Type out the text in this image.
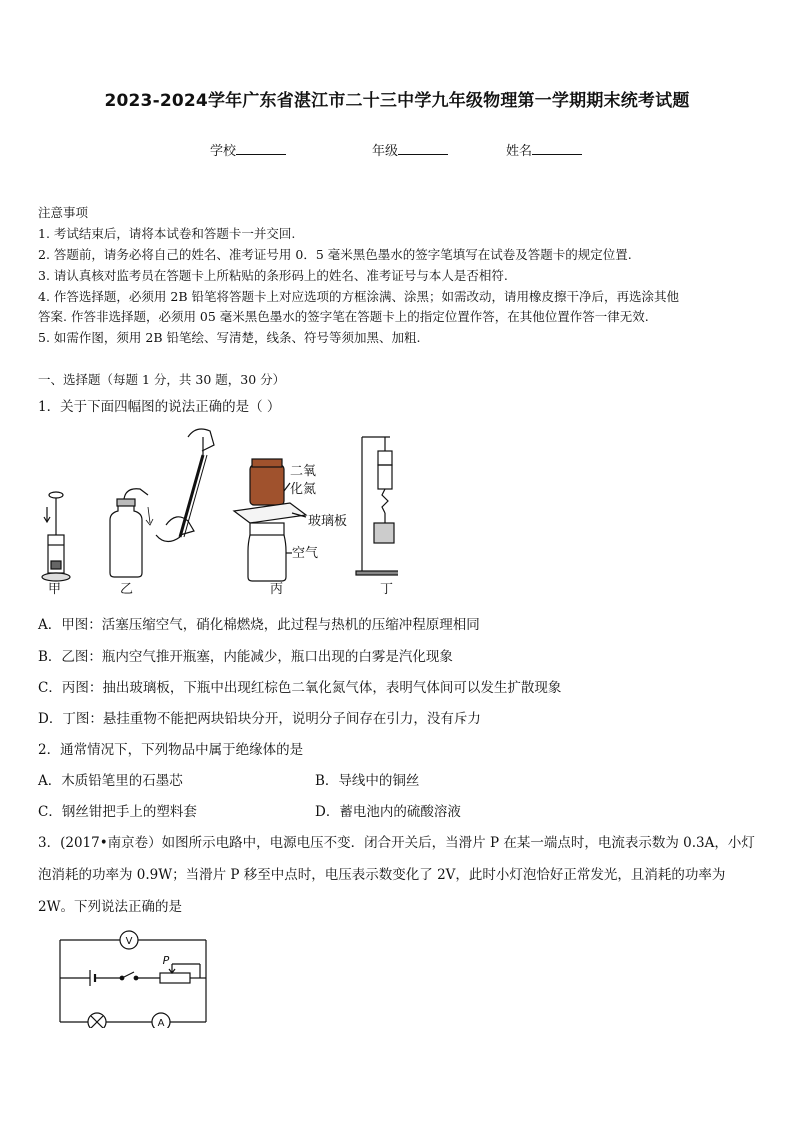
2023-2024学年广东省湛江市二十三中学九年级物理第一学期期末统考试题
学校	年级	姓名
注意事项
1. 考试结束后，请将本试卷和答题卡一并交回.
2. 答题前，请务必将自己的姓名、准考证号用 0．5 毫米黑色墨水的签字笔填写在试卷及答题卡的规定位置.
3. 请认真核对监考员在答题卡上所粘贴的条形码上的姓名、准考证号与本人是否相符.
4. 作答选择题，必须用 2B 铅笔将答题卡上对应选项的方框涂满、涂黑；如需改动，请用橡皮擦干净后，再选涂其他
答案. 作答非选择题，必须用 05 毫米黑色墨水的签字笔在答题卡上的指定位置作答，在其他位置作答一律无效.
5. 如需作图，须用 2B 铅笔绘、写清楚，线条、符号等须加黑、加粗.
一、选择题（每题 1 分，共 30 题，30 分）
1．关于下面四幅图的说法正确的是（ ）
甲	乙	丙	丁
二氧
化氮
玻璃板
空气
A．甲图：活塞压缩空气，硝化棉燃烧，此过程与热机的压缩冲程原理相同
B．乙图：瓶内空气推开瓶塞，内能减少，瓶口出现的白雾是汽化现象
C．丙图：抽出玻璃板，下瓶中出现红棕色二氧化氮气体，表明气体间可以发生扩散现象
D．丁图：悬挂重物不能把两块铅块分开，说明分子间存在引力，没有斥力
2．通常情况下，下列物品中属于绝缘体的是
A．木质铅笔里的石墨芯	B．导线中的铜丝
C．钢丝钳把手上的塑料套	D．蓄电池内的硫酸溶液
3．(2017•南京卷）如图所示电路中，电源电压不变．闭合开关后，当滑片 P 在某一端点时，电流表示数为 0.3A，小灯
泡消耗的功率为 0.9W；当滑片 P 移至中点时，电压表示数变化了 2V，此时小灯泡恰好正常发光，且消耗的功率为
2W。下列说法正确的是
V
A
P
